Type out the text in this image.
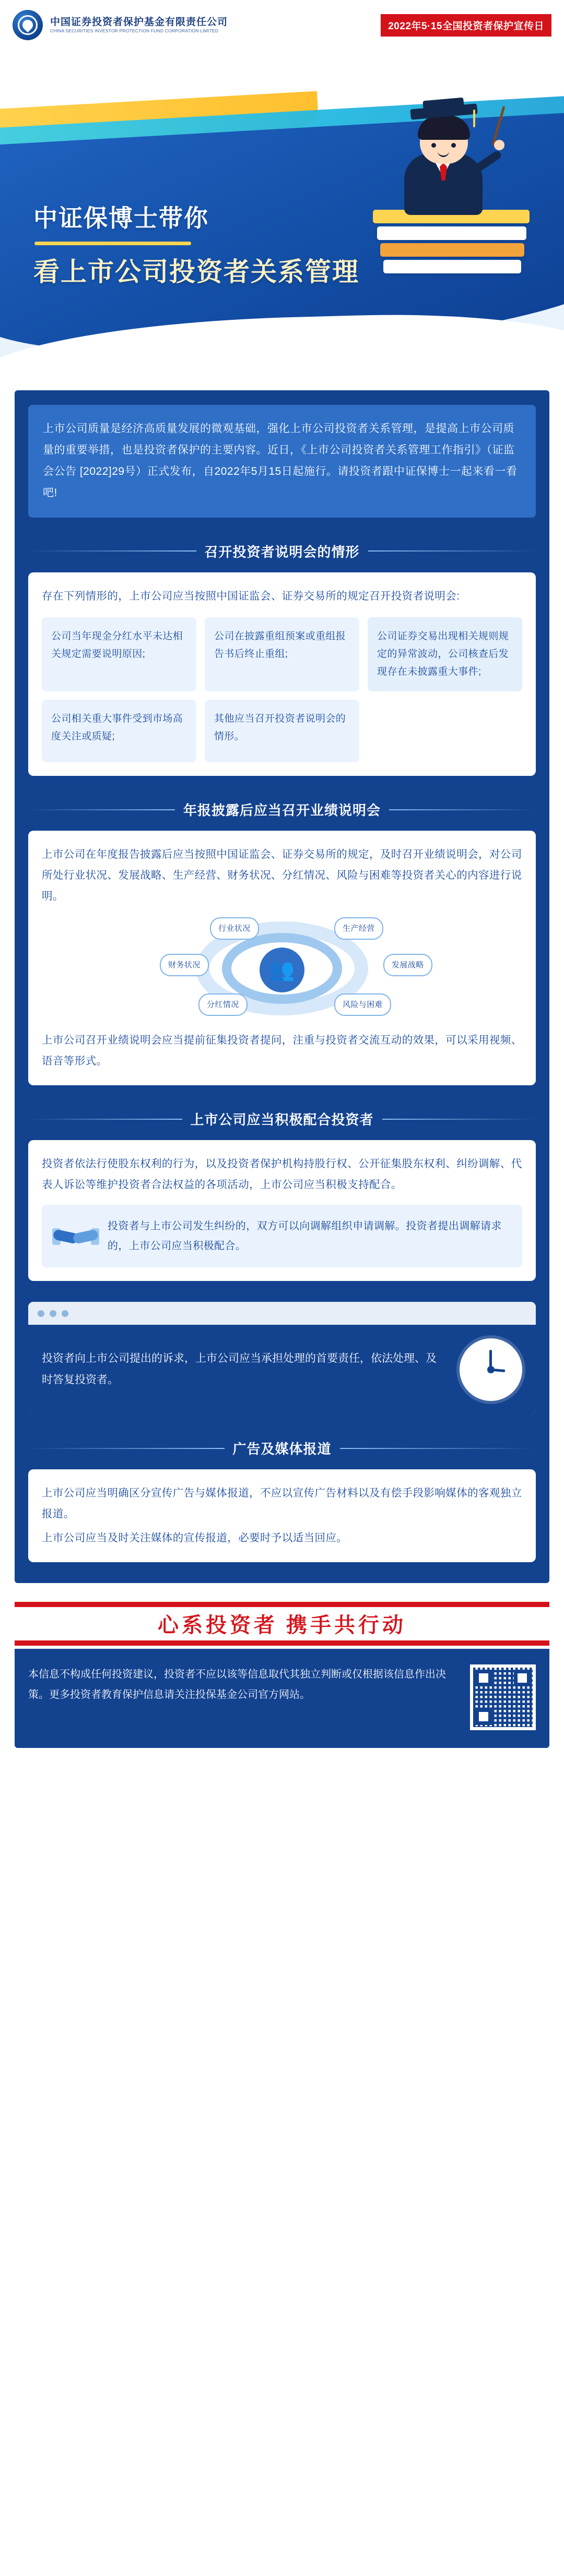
中国证券投资者保护基金有限责任公司
CHINA SECURITIES INVESTOR PROTECTION FUND CORPORATION LIMITED	2022年5·15全国投资者保护宣传日
中证保博士带你
看上市公司投资者关系管理
上市公司质量是经济高质量发展的微观基础，强化上市公司投资者关系管理，是提高上市公司质量的重要举措，也是投资者保护的主要内容。近日，《上市公司投资者关系管理工作指引》（证监会公告 [2022]29号）正式发布，自2022年5月15日起施行。请投资者跟中证保博士一起来看一看吧!
召开投资者说明会的情形

存在下列情形的，上市公司应当按照中国证监会、证券交易所的规定召开投资者说明会:

公司当年现金分红水平未达相关规定需要说明原因;
公司在披露重组预案或重组报告书后终止重组;
公司证券交易出现相关规则规定的异常波动，公司核查后发现存在未披露重大事件;
公司相关重大事件受到市场高度关注或质疑;
其他应当召开投资者说明会的情形。
年报披露后应当召开业绩说明会

上市公司在年度报告披露后应当按照中国证监会、证券交易所的规定，及时召开业绩说明会，对公司所处行业状况、发展战略、生产经营、财务状况、分红情况、风险与困难等投资者关心的内容进行说明。

👥
行业状况	生产经营
财务状况	发展战略
分红情况	风险与困难

上市公司召开业绩说明会应当提前征集投资者提问，注重与投资者交流互动的效果，可以采用视频、语音等形式。

上市公司应当积极配合投资者

投资者依法行使股东权利的行为，以及投资者保护机构持股行权、公开征集股东权利、纠纷调解、代表人诉讼等维护投资者合法权益的各项活动，上市公司应当积极支持配合。

投资者与上市公司发生纠纷的，双方可以向调解组织申请调解。投资者提出调解请求的，上市公司应当积极配合。
投资者向上市公司提出的诉求，上市公司应当承担处理的首要责任，依法处理、及时答复投资者。
广告及媒体报道

上市公司应当明确区分宣传广告与媒体报道，不应以宣传广告材料以及有偿手段影响媒体的客观独立报道。

上市公司应当及时关注媒体的宣传报道，必要时予以适当回应。

心系投资者 携手共行动
本信息不构成任何投资建议，投资者不应以该等信息取代其独立判断或仅根据该信息作出决策。更多投资者教育保护信息请关注投保基金公司官方网站。
